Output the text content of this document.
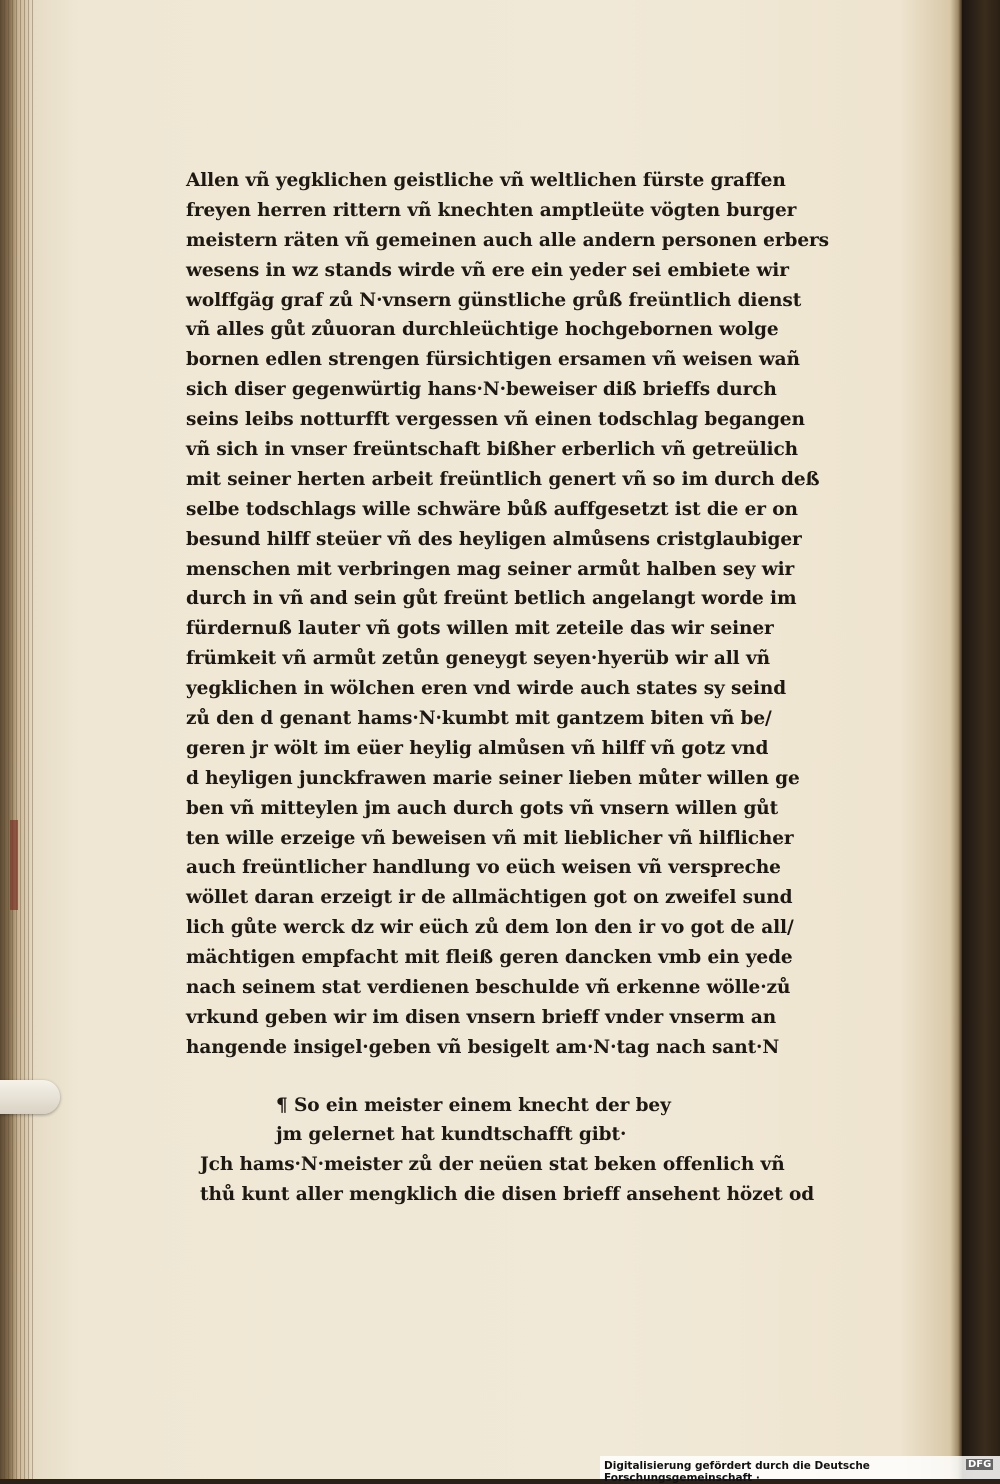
Allen vñ yegklichen geistliche vñ weltlichen fürste graffen
freyen herren rittern vñ knechten amptleüte vögten burger
meistern räten vñ gemeinen auch alle andern personen erbers
wesens in wz stands wirde vñ ere ein yeder sei embiete wir
wolffgäg graf zů N·vnsern günstliche grůß freüntlich dienst
vñ alles gůt zůuoran durchleüchtige hochgebornen wolge
bornen edlen strengen fürsichtigen ersamen vñ weisen wañ
sich diser gegenwürtig hans·N·beweiser diß brieffs durch
seins leibs notturfft vergessen vñ einen todschlag begangen
vñ sich in vnser freüntschaft bißher erberlich vñ getreülich
mit seiner herten arbeit freüntlich genert vñ so im durch deß
selbe todschlags wille schwäre bůß auffgesetzt ist die er on
besund hilff steüer vñ des heyligen almůsens cristglaubiger
menschen mit verbringen mag seiner armůt halben sey wir
durch in vñ and sein gůt freünt betlich angelangt worde im
fürdernuß lauter vñ gots willen mit zeteile das wir seiner
frümkeit vñ armůt zetůn geneygt seyen·hyerüb wir all vñ
yegklichen in wölchen eren vnd wirde auch states sy seind
zů den d genant hams·N·kumbt mit gantzem biten vñ be/
geren jr wölt im eüer heylig almůsen vñ hilff vñ gotz vnd
d heyligen junckfrawen marie seiner lieben můter willen ge
ben vñ mitteylen jm auch durch gots vñ vnsern willen gůt
ten wille erzeige vñ beweisen vñ mit lieblicher vñ hilflicher
auch freüntlicher handlung vo eüch weisen vñ verspreche
wöllet daran erzeigt ir de allmächtigen got on zweifel sund
lich gůte werck dz wir eüch zů dem lon den ir vo got de all/
mächtigen empfacht mit fleiß geren dancken vmb ein yede
nach seinem stat verdienen beschulde vñ erkenne wölle·zů
vrkund geben wir im disen vnsern brieff vnder vnserm an
hangende insigel·geben vñ besigelt am·N·tag nach sant·N
¶ So ein meister einem knecht der bey
jm gelernet hat kundtschafft gibt·
Jch hams·N·meister zů der neüen stat beken offenlich vñ
thů kunt aller mengklich die disen brieff ansehent hözet od
Digitalisierung gefördert durch die Deutsche Forschungsgemeinschaft ·
DFG
